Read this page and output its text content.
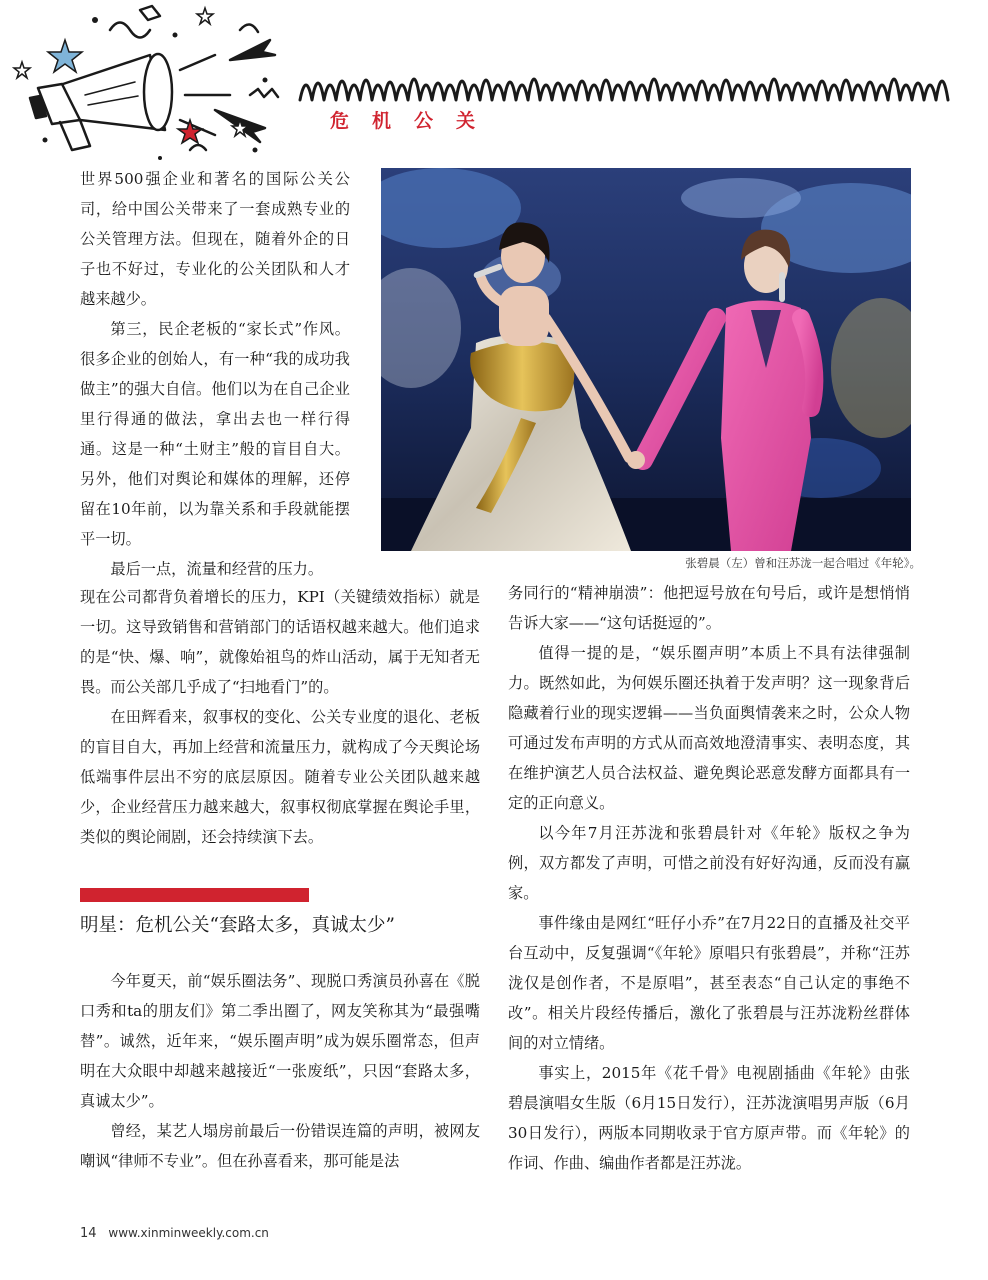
危机公关

世界500强企业和著名的国际公关公司，给中国公关带来了一套成熟专业的公关管理方法。但现在，随着外企的日子也不好过，专业化的公关团队和人才越来越少。

第三，民企老板的“家长式”作风。很多企业的创始人，有一种“我的成功我做主”的强大自信。他们以为在自己企业里行得通的做法，拿出去也一样行得通。这是一种“土财主”般的盲目自大。另外，他们对舆论和媒体的理解，还停留在10年前，以为靠关系和手段就能摆平一切。

最后一点，流量和经营的压力。	张碧晨（左）曾和汪苏泷一起合唱过《年轮》。

现在公司都背负着增长的压力，KPI（关键绩效指标）就是一切。这导致销售和营销部门的话语权越来越大。他们追求的是“快、爆、响”，就像始祖鸟的炸山活动，属于无知者无畏。而公关部几乎成了“扫地看门”的。

在田辉看来，叙事权的变化、公关专业度的退化、老板的盲目自大，再加上经营和流量压力，就构成了今天舆论场低端事件层出不穷的底层原因。随着专业公关团队越来越少，企业经营压力越来越大，叙事权彻底掌握在舆论手里，类似的舆论闹剧，还会持续演下去。

明星：危机公关“套路太多，真诚太少”

今年夏天，前“娱乐圈法务”、现脱口秀演员孙喜在《脱口秀和ta的朋友们》第二季出圈了，网友笑称其为“最强嘴替”。诚然，近年来，“娱乐圈声明”成为娱乐圈常态，但声明在大众眼中却越来越接近“一张废纸”，只因“套路太多，真诚太少”。

曾经，某艺人塌房前最后一份错误连篇的声明，被网友嘲讽“律师不专业”。但在孙喜看来，那可能是法

务同行的“精神崩溃”：他把逗号放在句号后，或许是想悄悄告诉大家——“这句话挺逗的”。

值得一提的是，“娱乐圈声明”本质上不具有法律强制力。既然如此，为何娱乐圈还执着于发声明？这一现象背后隐藏着行业的现实逻辑——当负面舆情袭来之时，公众人物可通过发布声明的方式从而高效地澄清事实、表明态度，其在维护演艺人员合法权益、避免舆论恶意发酵方面都具有一定的正向意义。

以今年7月汪苏泷和张碧晨针对《年轮》版权之争为例，双方都发了声明，可惜之前没有好好沟通，反而没有赢家。

事件缘由是网红“旺仔小乔”在7月22日的直播及社交平台互动中，反复强调“《年轮》原唱只有张碧晨”，并称“汪苏泷仅是创作者，不是原唱”，甚至表态“自己认定的事绝不改”。相关片段经传播后，激化了张碧晨与汪苏泷粉丝群体间的对立情绪。

事实上，2015年《花千骨》电视剧插曲《年轮》由张碧晨演唱女生版（6月15日发行），汪苏泷演唱男声版（6月30日发行），两版本同期收录于官方原声带。而《年轮》的作词、作曲、编曲作者都是汪苏泷。

14 www.xinminweekly.com.cn
